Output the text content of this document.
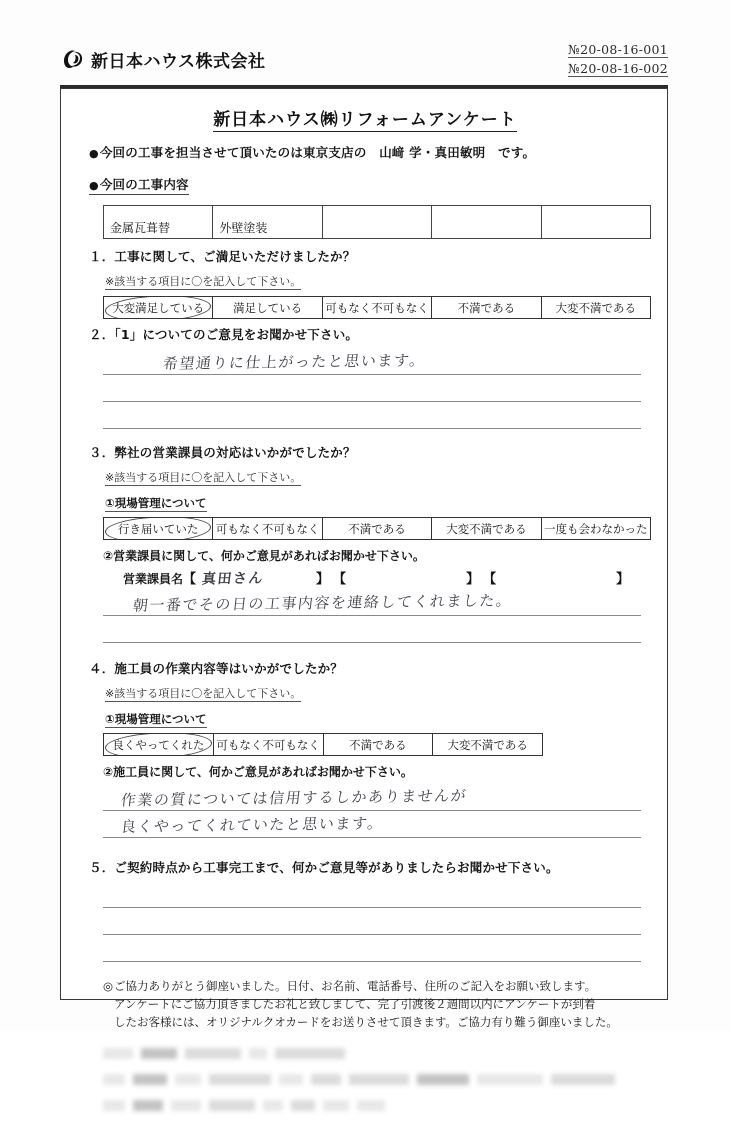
新日本ハウス株式会社
№20-08-16-001
№20-08-16-002
新日本ハウス㈱リフォームアンケート
● 今回の工事を担当させて頂いたのは東京支店の　山﨑 学・真田敏明　です。
● 今回の工事内容
金属瓦葺替	外壁塗装			
１．工事に関して、ご満足いただけましたか？
※該当する項目に〇を記入して下さい。
大変満足している	満足している	可もなく不可もなく	不満である	大変不満である
２．「1」についてのご意見をお聞かせ下さい。
希望通りに仕上がったと思います。
３．弊社の営業課員の対応はいかがでしたか？
※該当する項目に〇を記入して下さい。
①現場管理について
行き届いていた	可もなく不可もなく	不満である	大変不満である	一度も会わなかった
②営業課員に関して、何かご意見があればお聞かせ下さい。
営業課員名 【 真田さん	】 【	】 【	】
朝一番でその日の工事内容を連絡してくれました。
４．施工員の作業内容等はいかがでしたか？
※該当する項目に〇を記入して下さい。
①現場管理について
良くやってくれた	可もなく不可もなく	不満である	大変不満である
②施工員に関して、何かご意見があればお聞かせ下さい。
作業の質については信用するしかありませんが
良くやってくれていたと思います。
５．ご契約時点から工事完工まで、何かご意見等がありましたらお聞かせ下さい。
◎ ご協力ありがとう御座いました。日付、お名前、電話番号、住所のご記入をお願い致します。
アンケートにご協力頂きましたお礼と致しまして、完了引渡後２週間以内にアンケートが到着
したお客様には、オリジナルクオカードをお送りさせて頂きます。ご協力有り難う御座いました。
